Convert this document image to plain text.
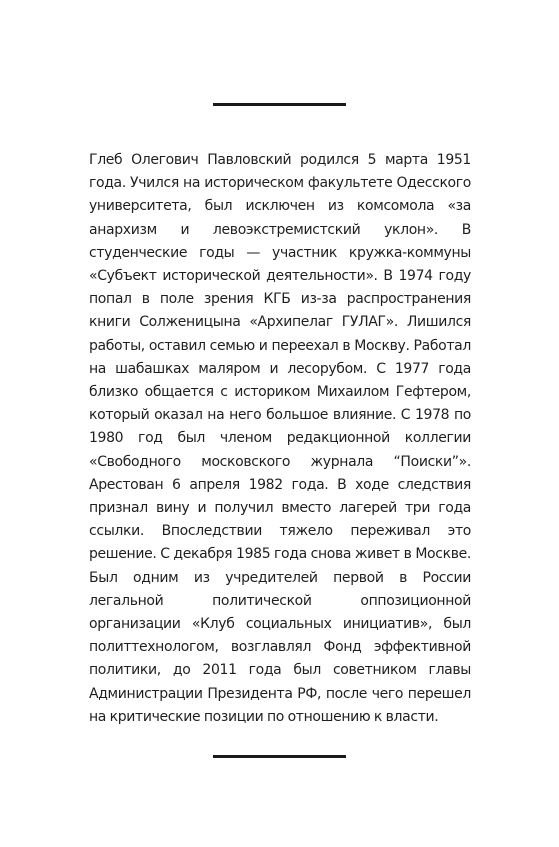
Глеб Олегович Павловский родился 5 марта 1951 года. Учился на историческом факультете Одесского университета, был исключен из комсомола «за анархизм и левоэкстремистский уклон». В студенческие годы — участник кружка-коммуны «Субъект исторической деятельности». В 1974 году попал в поле зрения КГБ из-за распространения книги Солженицына «Архипелаг ГУЛАГ». Лишился работы, оставил семью и переехал в Москву. Работал на шабашках маляром и лесорубом. С 1977 года близко общается с историком Михаилом Гефтером, который оказал на него большое влияние. С 1978 по 1980 год был членом редакционной коллегии «Свободного московского журнала “Поиски”». Арестован 6 апреля 1982 года. В ходе следствия признал вину и получил вместо лагерей три года ссылки. Впоследствии тяжело переживал это решение. С декабря 1985 года снова живет в Москве. Был одним из учредителей первой в России легальной политической оппозиционной организации «Клуб социальных инициатив», был политтехнологом, возглавлял Фонд эффективной политики, до 2011 года был советником главы Администрации Президента РФ, после чего перешел на критические позиции по отношению к власти.
